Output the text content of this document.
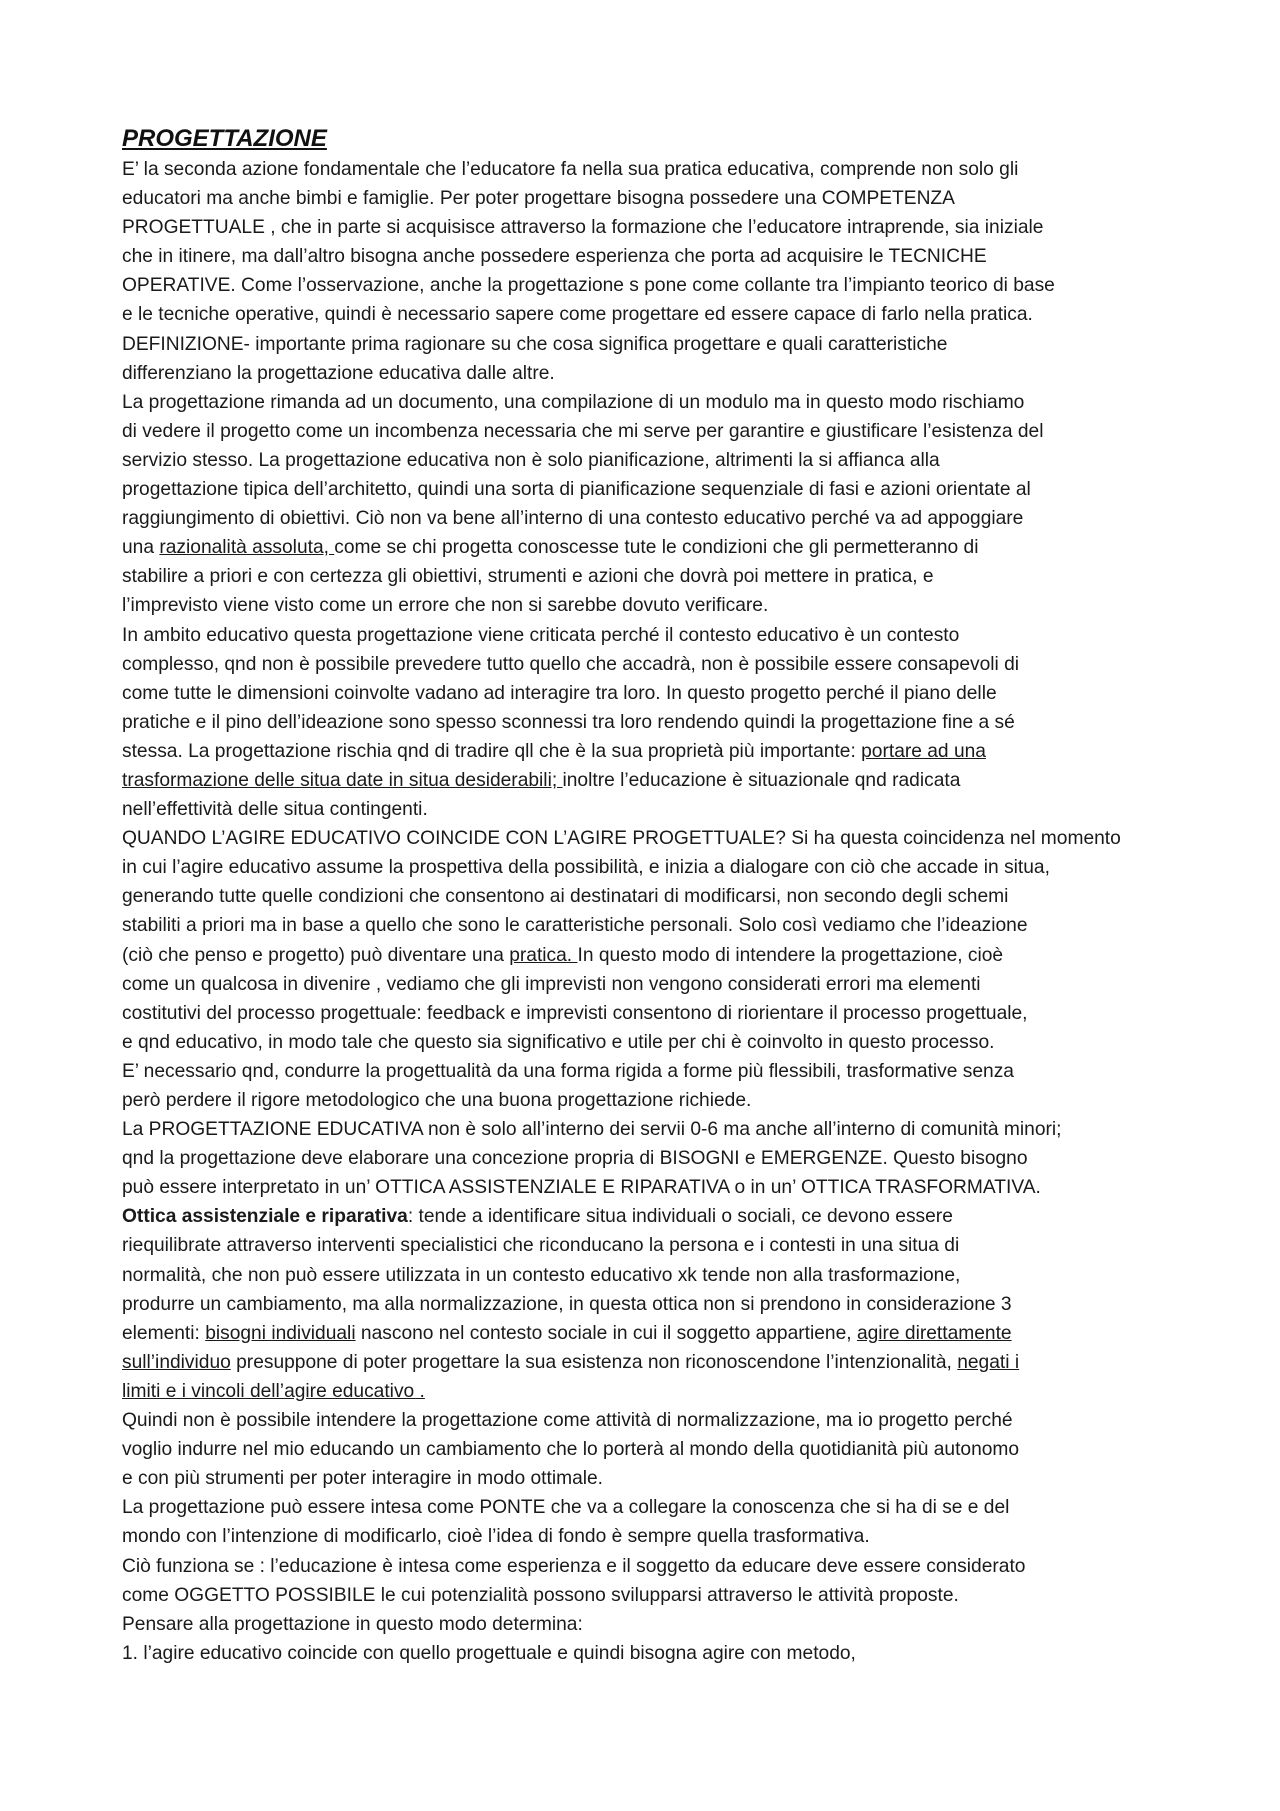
PROGETTAZIONE
E’ la seconda azione fondamentale che l’educatore fa nella sua pratica educativa, comprende non solo gli
educatori ma anche bimbi e famiglie. Per poter progettare bisogna possedere una COMPETENZA
PROGETTUALE , che in parte si acquisisce attraverso la formazione che l’educatore intraprende, sia iniziale
che in itinere, ma dall’altro bisogna anche possedere esperienza che porta ad acquisire le TECNICHE
OPERATIVE. Come l’osservazione, anche la progettazione s pone come collante tra l’impianto teorico di base
e le tecniche operative, quindi è necessario sapere come progettare ed essere capace di farlo nella pratica.
DEFINIZIONE- importante prima ragionare su che cosa significa progettare e quali caratteristiche
differenziano la progettazione educativa dalle altre.
La progettazione rimanda ad un documento, una compilazione di un modulo ma in questo modo rischiamo
di vedere il progetto come un incombenza necessaria che mi serve per garantire e giustificare l’esistenza del
servizio stesso. La progettazione educativa non è solo pianificazione, altrimenti la si affianca alla
progettazione tipica dell’architetto, quindi una sorta di pianificazione sequenziale di fasi e azioni orientate al
raggiungimento di obiettivi. Ciò non va bene all’interno di una contesto educativo perché va ad appoggiare
una razionalità assoluta, come se chi progetta conoscesse tute le condizioni che gli permetteranno di
stabilire a priori e con certezza gli obiettivi, strumenti e azioni che dovrà poi mettere in pratica, e
l’imprevisto viene visto come un errore che non si sarebbe dovuto verificare.
In ambito educativo questa progettazione viene criticata perché il contesto educativo è un contesto
complesso, qnd non è possibile prevedere tutto quello che accadrà, non è possibile essere consapevoli di
come tutte le dimensioni coinvolte vadano ad interagire tra loro. In questo progetto perché il piano delle
pratiche e il pino dell’ideazione sono spesso sconnessi tra loro rendendo quindi la progettazione fine a sé
stessa. La progettazione rischia qnd di tradire qll che è la sua proprietà più importante: portare ad una
trasformazione delle situa date in situa desiderabili; inoltre l’educazione è situazionale qnd radicata
nell’effettività delle situa contingenti.
QUANDO L’AGIRE EDUCATIVO COINCIDE CON L’AGIRE PROGETTUALE? Si ha questa coincidenza nel momento
in cui l’agire educativo assume la prospettiva della possibilità, e inizia a dialogare con ciò che accade in situa,
generando tutte quelle condizioni che consentono ai destinatari di modificarsi, non secondo degli schemi
stabiliti a priori ma in base a quello che sono le caratteristiche personali. Solo così vediamo che l’ideazione
(ciò che penso e progetto) può diventare una pratica. In questo modo di intendere la progettazione, cioè
come un qualcosa in divenire , vediamo che gli imprevisti non vengono considerati errori ma elementi
costitutivi del processo progettuale: feedback e imprevisti consentono di riorientare il processo progettuale,
e qnd educativo, in modo tale che questo sia significativo e utile per chi è coinvolto in questo processo.
E’ necessario qnd, condurre la progettualità da una forma rigida a forme più flessibili, trasformative senza
però perdere il rigore metodologico che una buona progettazione richiede.
La PROGETTAZIONE EDUCATIVA non è solo all’interno dei servii 0-6 ma anche all’interno di comunità minori;
qnd la progettazione deve elaborare una concezione propria di BISOGNI e EMERGENZE. Questo bisogno
può essere interpretato in un’ OTTICA ASSISTENZIALE E RIPARATIVA o in un’ OTTICA TRASFORMATIVA.
Ottica assistenziale e riparativa: tende a identificare situa individuali o sociali, ce devono essere
riequilibrate attraverso interventi specialistici che riconducano la persona e i contesti in una situa di
normalità, che non può essere utilizzata in un contesto educativo xk tende non alla trasformazione,
produrre un cambiamento, ma alla normalizzazione, in questa ottica non si prendono in considerazione 3
elementi: bisogni individuali nascono nel contesto sociale in cui il soggetto appartiene, agire direttamente
sull’individuo presuppone di poter progettare la sua esistenza non riconoscendone l’intenzionalità, negati i
limiti e i vincoli dell’agire educativo .
Quindi non è possibile intendere la progettazione come attività di normalizzazione, ma io progetto perché
voglio indurre nel mio educando un cambiamento che lo porterà al mondo della quotidianità più autonomo
e con più strumenti per poter interagire in modo ottimale.
La progettazione può essere intesa come PONTE che va a collegare la conoscenza che si ha di se e del
mondo con l’intenzione di modificarlo, cioè l’idea di fondo è sempre quella trasformativa.
Ciò funziona se : l’educazione è intesa come esperienza e il soggetto da educare deve essere considerato
come OGGETTO POSSIBILE le cui potenzialità possono svilupparsi attraverso le attività proposte.
Pensare alla progettazione in questo modo determina:
1. l’agire educativo coincide con quello progettuale e quindi bisogna agire con metodo,
